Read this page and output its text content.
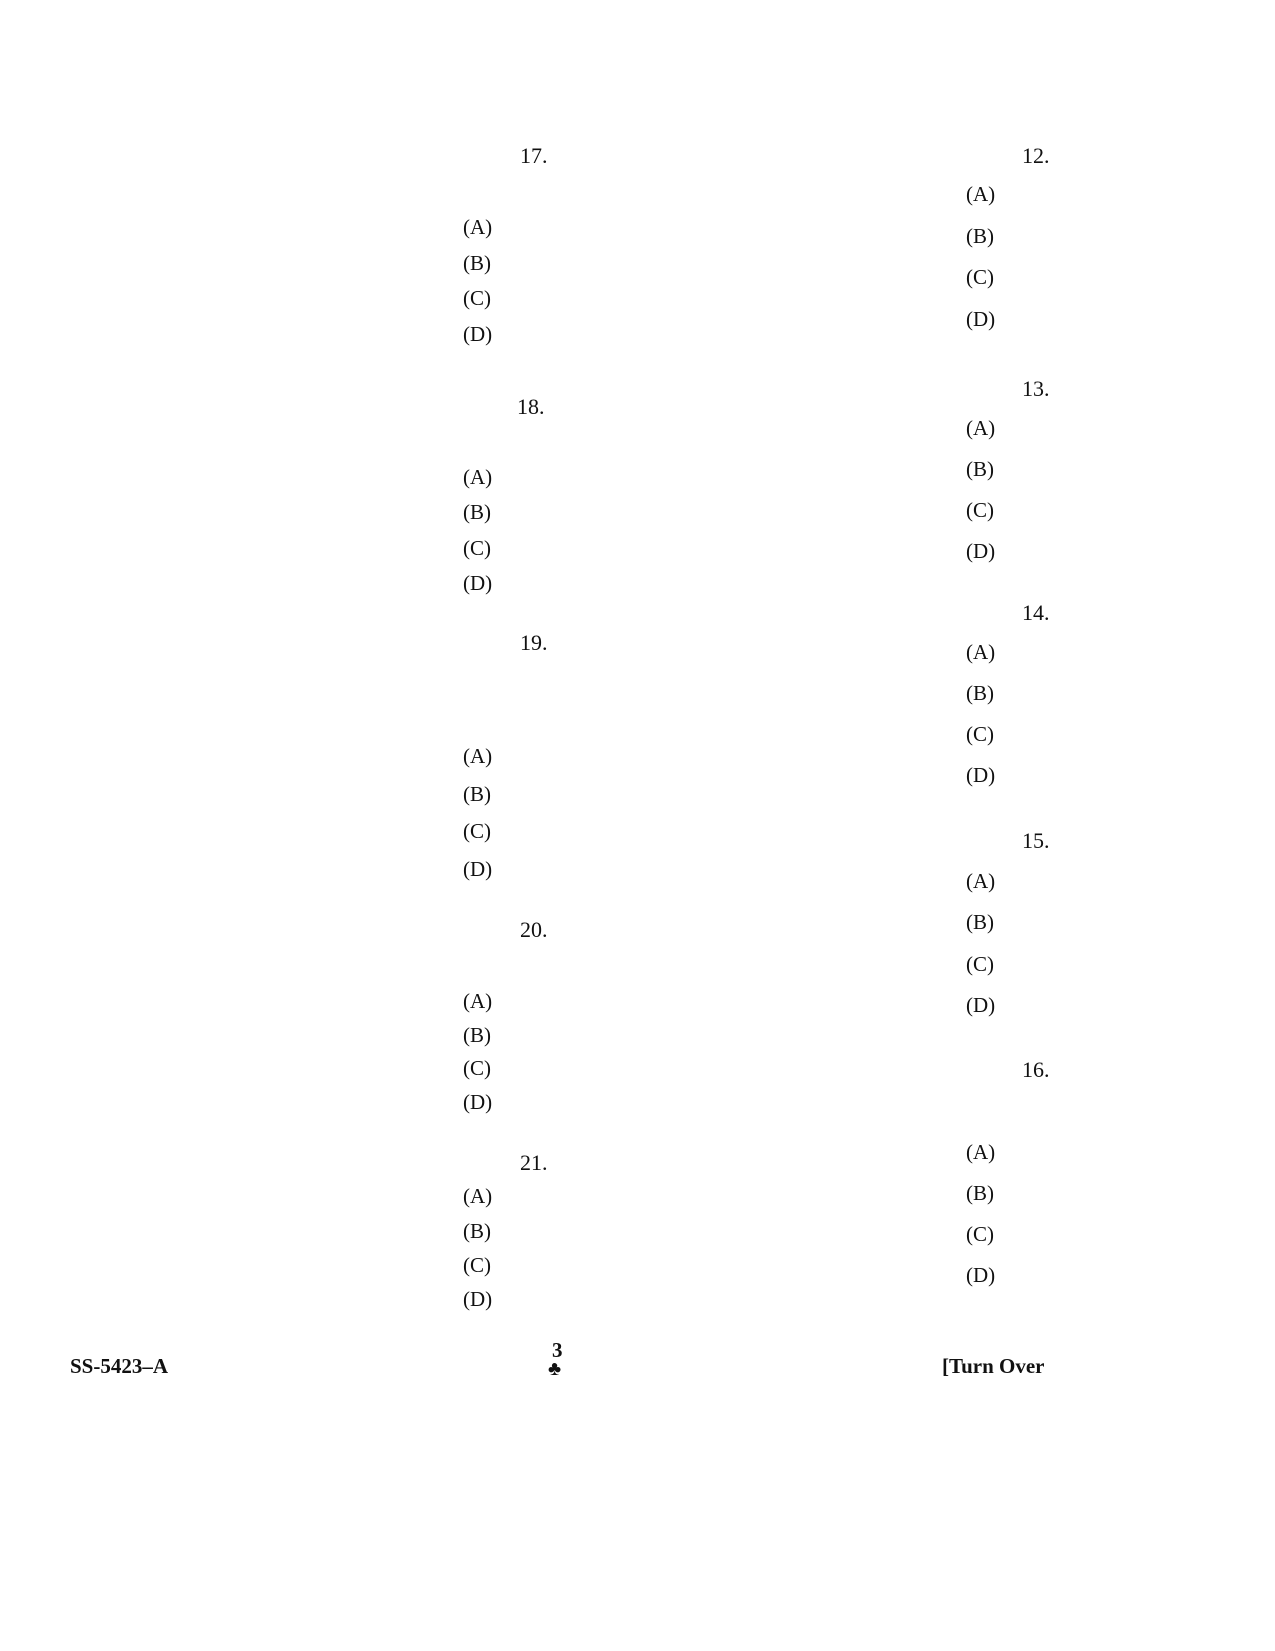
12.
(A)
(B)
(C)
(D)
13.
(A)
(B)
(C)
(D)
14.
(A)
(B)
(C)
(D)
15.
(A)
(B)
(C)
(D)
16.
(A)
(B)
(C)
(D)
17.
(A)
(B)
(C)
(D)
18.
(A)
(B)
(C)
(D)
19.
(A)
(B)
(C)
(D)
20.
(A)
(B)
(C)
(D)
21.
(A)
(B)
(C)
(D)
SS-5423–A
3
♣	[Turn Over
